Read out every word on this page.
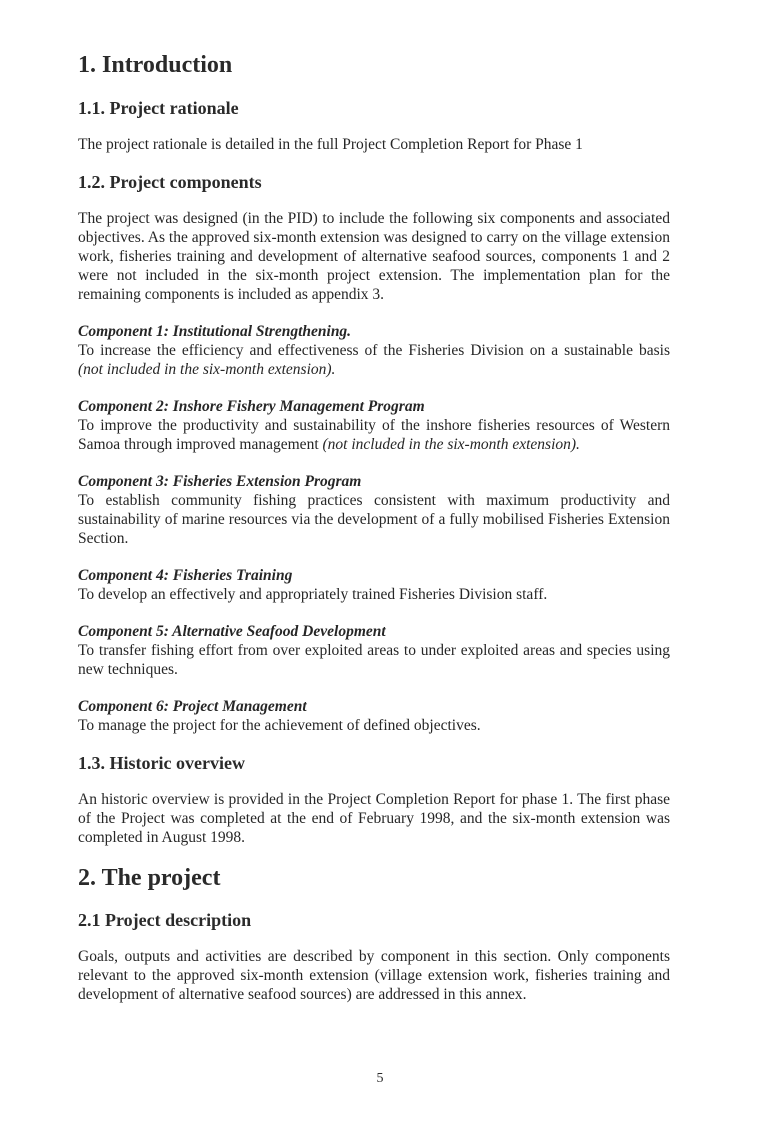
1. Introduction
1.1. Project rationale

The project rationale is detailed in the full Project Completion Report for Phase 1

1.2. Project components

The project was designed (in the PID) to include the following six components and associated objectives. As the approved six-month extension was designed to carry on the village extension work, fisheries training and development of alternative seafood sources, components 1 and 2 were not included in the six-month project extension. The implementation plan for the remaining components is included as appendix 3.

Component 1: Institutional Strengthening.

To increase the efficiency and effectiveness of the Fisheries Division on a sustainable basis (not included in the six-month extension).

Component 2: Inshore Fishery Management Program

To improve the productivity and sustainability of the inshore fisheries resources of Western Samoa through improved management (not included in the six-month extension).

Component 3: Fisheries Extension Program

To establish community fishing practices consistent with maximum productivity and sustainability of marine resources via the development of a fully mobilised Fisheries Extension Section.

Component 4: Fisheries Training

To develop an effectively and appropriately trained Fisheries Division staff.

Component 5: Alternative Seafood Development

To transfer fishing effort from over exploited areas to under exploited areas and species using new techniques.

Component 6: Project Management

To manage the project for the achievement of defined objectives.

1.3. Historic overview

An historic overview is provided in the Project Completion Report for phase 1. The first phase of the Project was completed at the end of February 1998, and the six-month extension was completed in August 1998.

2. The project
2.1 Project description

Goals, outputs and activities are described by component in this section. Only components relevant to the approved six-month extension (village extension work, fisheries training and development of alternative seafood sources) are addressed in this annex.

5
